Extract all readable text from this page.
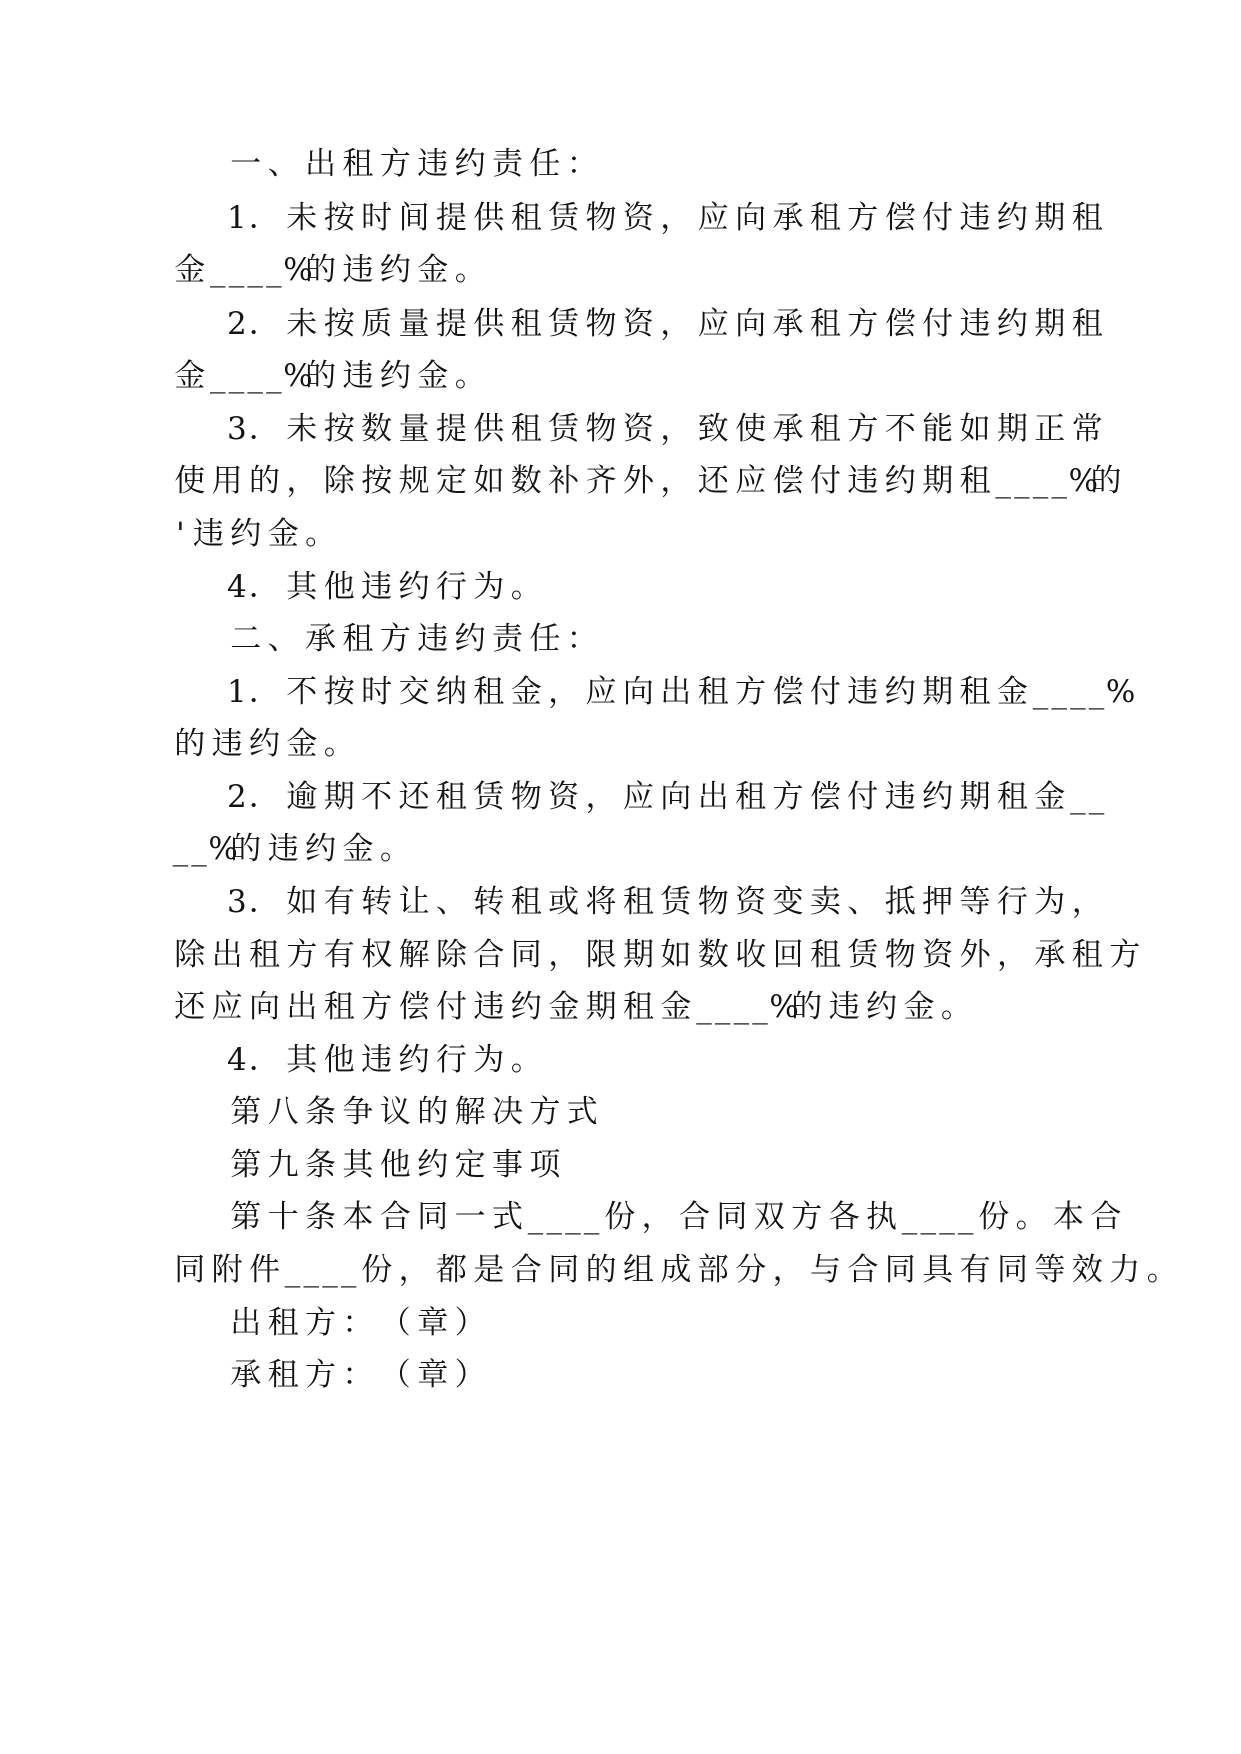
一 、 出 租 方 违 约 责 任 ：

1 ． 未 按 时 间 提 供 租 赁 物 资 ， 应 向 承 租 方 偿 付 违 约 期 租

金 _ _ _ _ %
的 违 约 金 。

2 ． 未 按 质 量 提 供 租 赁 物 资 ， 应 向 承 租 方 偿 付 违 约 期 租

金 _ _ _ _ %
的 违 约 金 。

3 ． 未 按 数 量 提 供 租 赁 物 资 ， 致 使 承 租 方 不 能 如 期 正 常

使 用 的 ， 除 按 规 定 如 数 补 齐 外 ， 还 应 偿 付 违 约 期 租 _ _ _ _ %
的

' 违 约 金 。

4 ． 其 他 违 约 行 为 。

二 、 承 租 方 违 约 责 任 ：

1 ． 不 按 时 交 纳 租 金 ， 应 向 出 租 方 偿 付 违 约 期 租 金 _ _ _ _ %

的 违 约 金 。

2 ． 逾 期 不 还 租 赁 物 资 ， 应 向 出 租 方 偿 付 违 约 期 租 金 _ _

_ _ %
的 违 约 金 。

3 ． 如 有 转 让 、 转 租 或 将 租 赁 物 资 变 卖 、 抵 押 等 行 为 ，

除 出 租 方 有 权 解 除 合 同 ， 限 期 如 数 收 回 租 赁 物 资 外 ， 承 租 方

还 应 向 出 租 方 偿 付 违 约 金 期 租 金 _ _ _ _ %
的 违 约 金 。

4 ． 其 他 违 约 行 为 。

第 八 条 争 议 的 解 决 方 式

第 九 条 其 他 约 定 事 项

第 十 条 本 合 同 一 式 _ _ _ _ 份 ， 合 同 双 方 各 执 _ _ _ _ 份 。 本 合

同 附 件 _ _ _ _ 份 ， 都 是 合 同 的 组 成 部 分 ， 与 合 同 具 有 同 等 效 力 。

出 租 方 ： （ 章 ）

承 租 方 ： （ 章 ）
